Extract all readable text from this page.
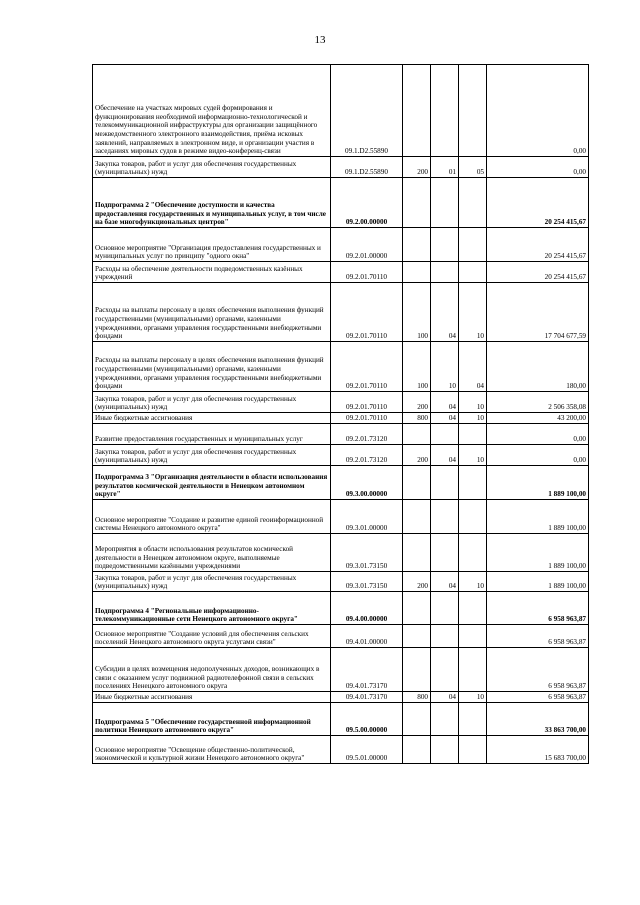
13
Обеспечение на участках мировых судей формирования и функционирования необходимой информационно-технологической и телекоммуникационной инфраструктуры для организации защищённого межведомственного электронного взаимодействия, приёма исковых заявлений, направляемых в электронном виде, и организации участия в заседаниях мировых судов в режиме видео-конференц-связи	09.1.D2.55890				0,00
Закупка товаров, работ и услуг для обеспечения государственных (муниципальных) нужд	09.1.D2.55890	200	01	05	0,00
Подпрограмма 2 "Обеспечение доступности и качества предоставления государственных и муниципальных услуг, в том числе на базе многофункциональных центров"	09.2.00.00000				20 254 415,67
Основное мероприятие "Организация предоставления государственных и муниципальных услуг по принципу "одного окна"	09.2.01.00000				20 254 415,67
Расходы на обеспечение деятельности подведомственных казённых учреждений	09.2.01.70110				20 254 415,67
Расходы на выплаты персоналу в целях обеспечения выполнения функций государственными (муниципальными) органами, казенными учреждениями, органами управления государственными внебюджетными фондами	09.2.01.70110	100	04	10	17 704 677,59
Расходы на выплаты персоналу в целях обеспечения выполнения функций государственными (муниципальными) органами, казенными учреждениями, органами управления государственными внебюджетными фондами	09.2.01.70110	100	10	04	180,00
Закупка товаров, работ и услуг для обеспечения государственных (муниципальных) нужд	09.2.01.70110	200	04	10	2 506 358,08
Иные бюджетные ассигнования	09.2.01.70110	800	04	10	43 200,00
Развитие предоставления государственных и муниципальных услуг	09.2.01.73120				0,00
Закупка товаров, работ и услуг для обеспечения государственных (муниципальных) нужд	09.2.01.73120	200	04	10	0,00
Подпрограмма 3 "Организация деятельности в области использования результатов космической деятельности в Ненецком автономном округе"	09.3.00.00000				1 889 100,00
Основное мероприятие "Создание и развитие единой геоинформационной системы Ненецкого автономного округа"	09.3.01.00000				1 889 100,00
Мероприятия в области использования результатов космической деятельности в Ненецком автономном округе, выполняемые подведомственными казёнными учреждениями	09.3.01.73150				1 889 100,00
Закупка товаров, работ и услуг для обеспечения государственных (муниципальных) нужд	09.3.01.73150	200	04	10	1 889 100,00
Подпрограмма 4 "Региональные информационно-телекоммуникационные сети Ненецкого автономного округа"	09.4.00.00000				6 958 963,87
Основное мероприятие "Создание условий для обеспечения сельских поселений Ненецкого автономного округа услугами связи"	09.4.01.00000				6 958 963,87
Субсидии в целях возмещения недополученных доходов, возникающих в связи с оказанием услуг подвижной радиотелефонной связи в сельских поселениях Ненецкого автономного округа	09.4.01.73170				6 958 963,87
Иные бюджетные ассигнования	09.4.01.73170	800	04	10	6 958 963,87
Подпрограмма 5 "Обеспечение государственной информационной политики Ненецкого автономного округа"	09.5.00.00000				33 863 700,00
Основное мероприятие "Освещение общественно-политической, экономической и культурной жизни Ненецкого автономного округа"	09.5.01.00000				15 683 700,00
